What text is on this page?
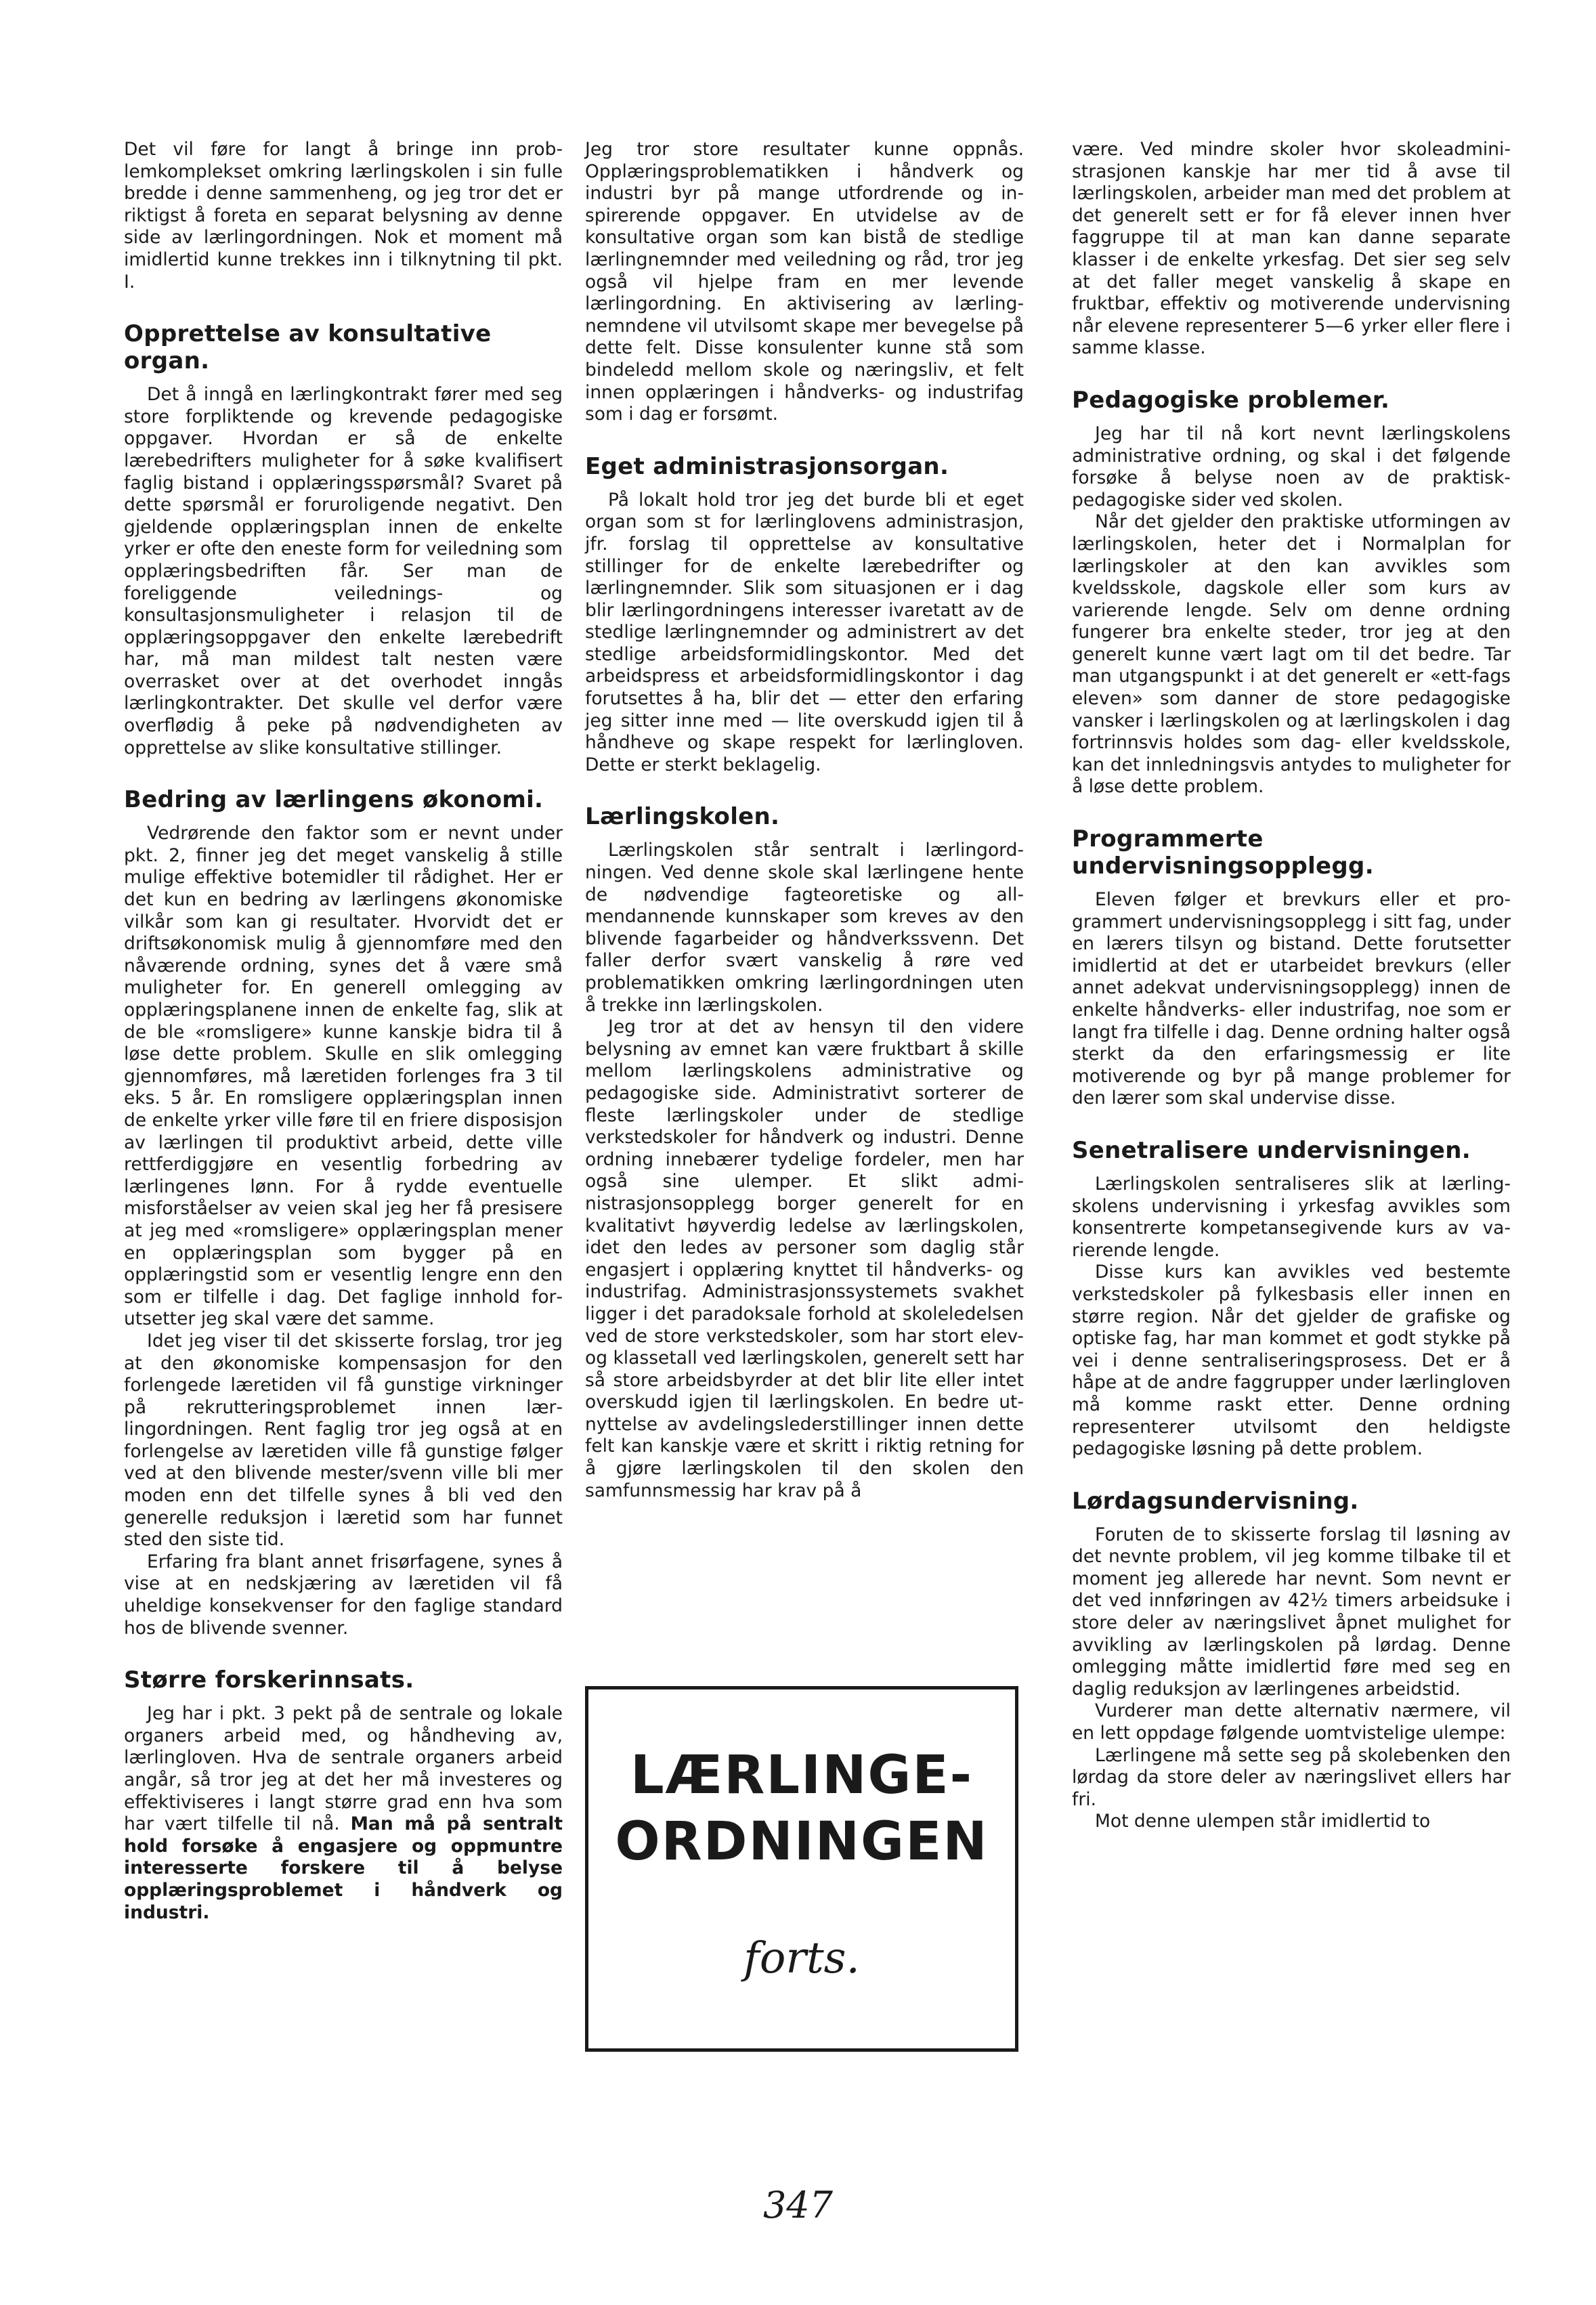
Det vil føre for langt å bringe inn problemkomplekset omkring lærlingskolen i sin fulle bredde i denne sammenheng, og jeg tror det er riktigst å foreta en separat belysning av denne side av lærlingordningen. Nok et moment må imidlertid kunne trekkes inn i tilknytning til pkt. I.

Opprettelse av konsultative organ.

Det å inngå en lærlingkontrakt fører med seg store forpliktende og krevende pedagogiske oppgaver. Hvordan er så de enkelte lærebedrifters muligheter for å søke kvalifisert faglig bistand i opplæringsspørsmål? Svaret på dette spørsmål er foruroligende negativt. Den gjeldende opplæringsplan innen de enkelte yrker er ofte den eneste form for veiledning som opplæringsbedriften får. Ser man de foreliggende veilednings- og konsultasjonsmuligheter i relasjon til de opplæringsoppgaver den enkelte lærebedrift har, må man mildest talt nesten være overrasket over at det overhodet inngås lærlingkontrakter. Det skulle vel derfor være overflødig å peke på nødvendigheten av opprettelse av slike konsultative stillinger.

Bedring av lærlingens økonomi.

Vedrørende den faktor som er nevnt under pkt. 2, finner jeg det meget vanskelig å stille mulige effektive botemidler til rådighet. Her er det kun en bedring av lærlingens økonomiske vilkår som kan gi resultater. Hvorvidt det er driftsøkonomisk mulig å gjennomføre med den nåværende ordning, synes det å være små muligheter for. En generell omlegging av opplæringsplanene innen de enkelte fag, slik at de ble «romsligere» kunne kanskje bidra til å løse dette problem. Skulle en slik omlegging gjennomføres, må læretiden forlenges fra 3 til eks. 5 år. En romsligere opplæringsplan innen de enkelte yrker ville føre til en friere disposisjon av lærlingen til produktivt arbeid, dette ville rettferdiggjøre en vesentlig forbedring av lærlingenes lønn. For å rydde eventuelle misforståelser av veien skal jeg her få presisere at jeg med «romsligere» opplæringsplan mener en opplæringsplan som bygger på en opplæringstid som er vesentlig lengre enn den som er tilfelle i dag. Det faglige innhold forutsetter jeg skal være det samme.

Idet jeg viser til det skisserte forslag, tror jeg at den økonomiske kompensasjon for den forlengede læretiden vil få gunstige virkninger på rekrutteringsproblemet innen lærlingordningen. Rent faglig tror jeg også at en forlengelse av læretiden ville få gunstige følger ved at den blivende mester/svenn ville bli mer moden enn det tilfelle synes å bli ved den generelle reduksjon i læretid som har funnet sted den siste tid.

Erfaring fra blant annet frisørfagene, synes å vise at en nedskjæring av læretiden vil få uheldige konsekvenser for den faglige standard hos de blivende svenner.

Større forskerinnsats.

Jeg har i pkt. 3 pekt på de sentrale og lokale organers arbeid med, og håndheving av, lærlingloven. Hva de sentrale organers arbeid angår, så tror jeg at det her må investeres og effektiviseres i langt større grad enn hva som har vært tilfelle til nå. Man må på sentralt hold forsøke å engasjere og oppmuntre interesserte forskere til å belyse opplæringsproblemet i håndverk og industri.

Jeg tror store resultater kunne oppnås. Opplæringsproblematikken i håndverk og industri byr på mange utfordrende og inspirerende oppgaver. En utvidelse av de konsultative organ som kan bistå de stedlige lærlingnemnder med veiledning og råd, tror jeg også vil hjelpe fram en mer levende lærlingordning. En aktivisering av lærlingnemndene vil utvilsomt skape mer bevegelse på dette felt. Disse konsulenter kunne stå som bindeledd mellom skole og næringsliv, et felt innen opplæringen i håndverks- og industrifag som i dag er forsømt.

Eget administrasjonsorgan.

På lokalt hold tror jeg det burde bli et eget organ som st for lærlinglovens administrasjon, jfr. forslag til opprettelse av konsultative stillinger for de enkelte lærebedrifter og lærlingnemnder. Slik som situasjonen er i dag blir lærlingordningens interesser ivaretatt av de stedlige lærlingnemnder og administrert av det stedlige arbeidsformidlingskontor. Med det arbeidspress et arbeidsformidlingskontor i dag forutsettes å ha, blir det — etter den erfaring jeg sitter inne med — lite overskudd igjen til å håndheve og skape respekt for lærlingloven. Dette er sterkt beklagelig.

Lærlingskolen.

Lærlingskolen står sentralt i lærlingordningen. Ved denne skole skal lærlingene hente de nødvendige fagteoretiske og allmendannende kunnskaper som kreves av den blivende fagarbeider og håndverkssvenn. Det faller derfor svært vanskelig å røre ved problematikken omkring lærlingordningen uten å trekke inn lærlingskolen.

Jeg tror at det av hensyn til den videre belysning av emnet kan være fruktbart å skille mellom lærlingskolens administrative og pedagogiske side. Administrativt sorterer de fleste lærlingskoler under de stedlige verkstedskoler for håndverk og industri. Denne ordning innebærer tydelige fordeler, men har også sine ulemper. Et slikt administrasjonsopplegg borger generelt for en kvalitativt høyverdig ledelse av lærlingskolen, idet den ledes av personer som daglig står engasjert i opplæring knyttet til håndverks- og industrifag. Administrasjonssystemets svakhet ligger i det paradoksale forhold at skoleledelsen ved de store verkstedskoler, som har stort elev- og klassetall ved lærlingskolen, generelt sett har så store arbeidsbyrder at det blir lite eller intet overskudd igjen til lærlingskolen. En bedre utnyttelse av avdelingslederstillinger innen dette felt kan kanskje være et skritt i riktig retning for å gjøre lærlingskolen til den skolen den samfunnsmessig har krav på å

LÆRLINGE-
ORDNINGEN
forts.

være. Ved mindre skoler hvor skoleadministrasjonen kanskje har mer tid å avse til lærlingskolen, arbeider man med det problem at det generelt sett er for få elever innen hver faggruppe til at man kan danne separate klasser i de enkelte yrkesfag. Det sier seg selv at det faller meget vanskelig å skape en fruktbar, effektiv og motiverende undervisning når elevene representerer 5—6 yrker eller flere i samme klasse.

Pedagogiske problemer.

Jeg har til nå kort nevnt lærlingskolens administrative ordning, og skal i det følgende forsøke å belyse noen av de praktisk-pedagogiske sider ved skolen.

Når det gjelder den praktiske utformingen av lærlingskolen, heter det i Normalplan for lærlingskoler at den kan avvikles som kveldsskole, dagskole eller som kurs av varierende lengde. Selv om denne ordning fungerer bra enkelte steder, tror jeg at den generelt kunne vært lagt om til det bedre. Tar man utgangspunkt i at det generelt er «ett-fags eleven» som danner de store pedagogiske vansker i lærlingskolen og at lærlingskolen i dag fortrinnsvis holdes som dag- eller kveldsskole, kan det innledningsvis antydes to muligheter for å løse dette problem.

Programmerte undervisningsopplegg.

Eleven følger et brevkurs eller et programmert undervisningsopplegg i sitt fag, under en lærers tilsyn og bistand. Dette forutsetter imidlertid at det er utarbeidet brevkurs (eller annet adekvat undervisningsopplegg) innen de enkelte håndverks- eller industrifag, noe som er langt fra tilfelle i dag. Denne ordning halter også sterkt da den erfaringsmessig er lite motiverende og byr på mange problemer for den lærer som skal undervise disse.

Senetralisere undervisningen.

Lærlingskolen sentraliseres slik at lærlingskolens undervisning i yrkesfag avvikles som konsentrerte kompetansegivende kurs av varierende lengde.

Disse kurs kan avvikles ved bestemte verkstedskoler på fylkesbasis eller innen en større region. Når det gjelder de grafiske og optiske fag, har man kommet et godt stykke på vei i denne sentraliseringsprosess. Det er å håpe at de andre faggrupper under lærlingloven må komme raskt etter. Denne ordning representerer utvilsomt den heldigste pedagogiske løsning på dette problem.

Lørdagsundervisning.

Foruten de to skisserte forslag til løsning av det nevnte problem, vil jeg komme tilbake til et moment jeg allerede har nevnt. Som nevnt er det ved innføringen av 42½ timers arbeidsuke i store deler av næringslivet åpnet mulighet for avvikling av lærlingskolen på lørdag. Denne omlegging måtte imidlertid føre med seg en daglig reduksjon av lærlingenes arbeidstid.

Vurderer man dette alternativ nærmere, vil en lett oppdage følgende uomtvistelige ulempe:

Lærlingene må sette seg på skolebenken den lørdag da store deler av næringslivet ellers har fri.

Mot denne ulempen står imidlertid to

347
